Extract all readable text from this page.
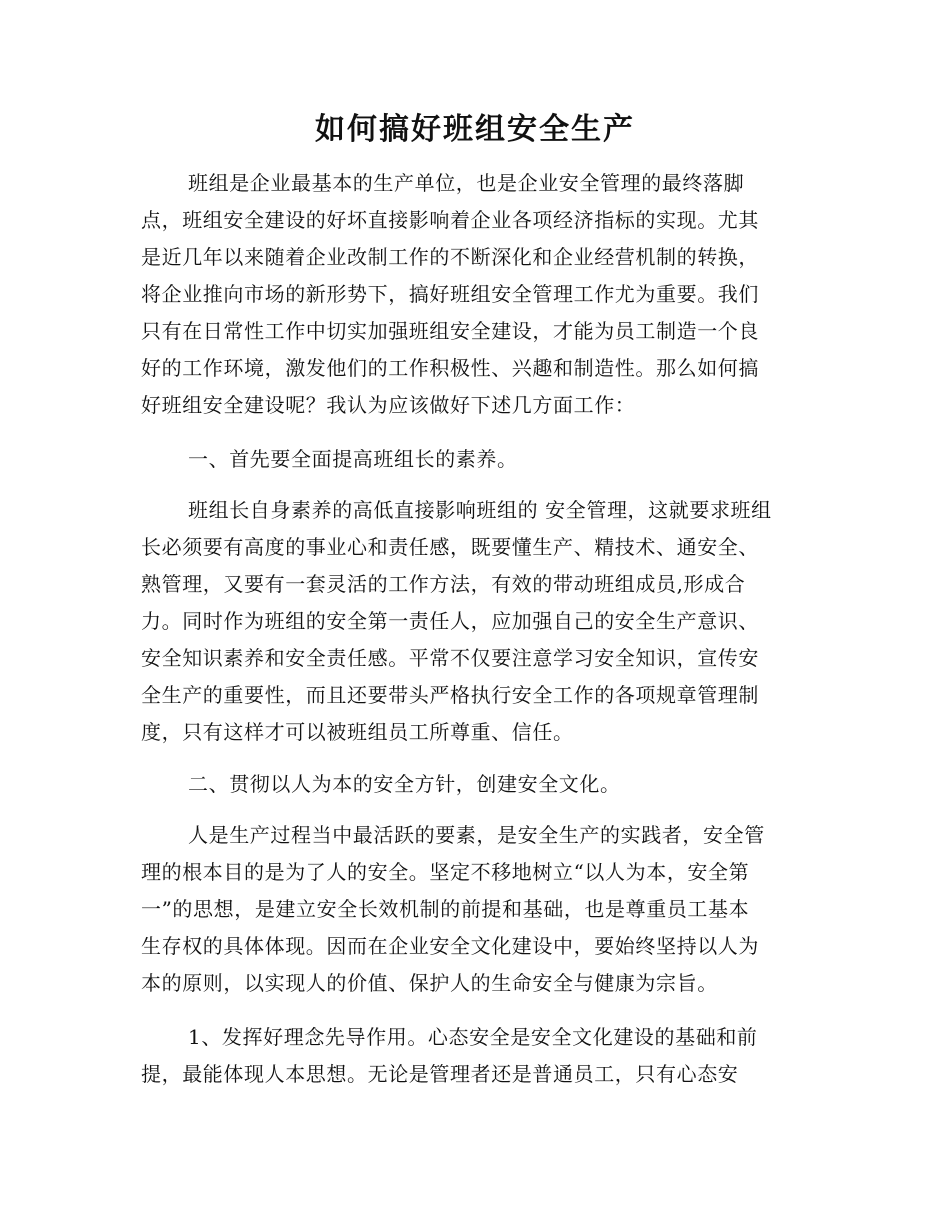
如何搞好班组安全生产
班组是企业最基本的生产单位，也是企业安全管理的最终落脚
点，班组安全建设的好坏直接影响着企业各项经济指标的实现。尤其
是近几年以来随着企业改制工作的不断深化和企业经营机制的转换，
将企业推向市场的新形势下，搞好班组安全管理工作尤为重要。我们
只有在日常性工作中切实加强班组安全建设，才能为员工制造一个良
好的工作环境，激发他们的工作积极性、兴趣和制造性。那么如何搞
好班组安全建设呢？我认为应该做好下述几方面工作：
一、首先要全面提高班组长的素养。
班组长自身素养的高低直接影响班组的 安全管理，这就要求班组
长必须要有高度的事业心和责任感，既要懂生产、精技术、通安全、
熟管理，又要有一套灵活的工作方法，有效的带动班组成员,形成合
力。同时作为班组的安全第一责任人，应加强自己的安全生产意识、
安全知识素养和安全责任感。平常不仅要注意学习安全知识，宣传安
全生产的重要性，而且还要带头严格执行安全工作的各项规章管理制
度，只有这样才可以被班组员工所尊重、信任。
二、贯彻以人为本的安全方针，创建安全文化。
人是生产过程当中最活跃的要素，是安全生产的实践者，安全管
理的根本目的是为了人的安全。坚定不移地树立“以人为本，安全第
一”的思想，是建立安全长效机制的前提和基础，也是尊重员工基本
生存权的具体体现。因而在企业安全文化建设中，要始终坚持以人为
本的原则，以实现人的价值、保护人的生命安全与健康为宗旨。
1、发挥好理念先导作用。心态安全是安全文化建设的基础和前
提，最能体现人本思想。无论是管理者还是普通员工，只有心态安
